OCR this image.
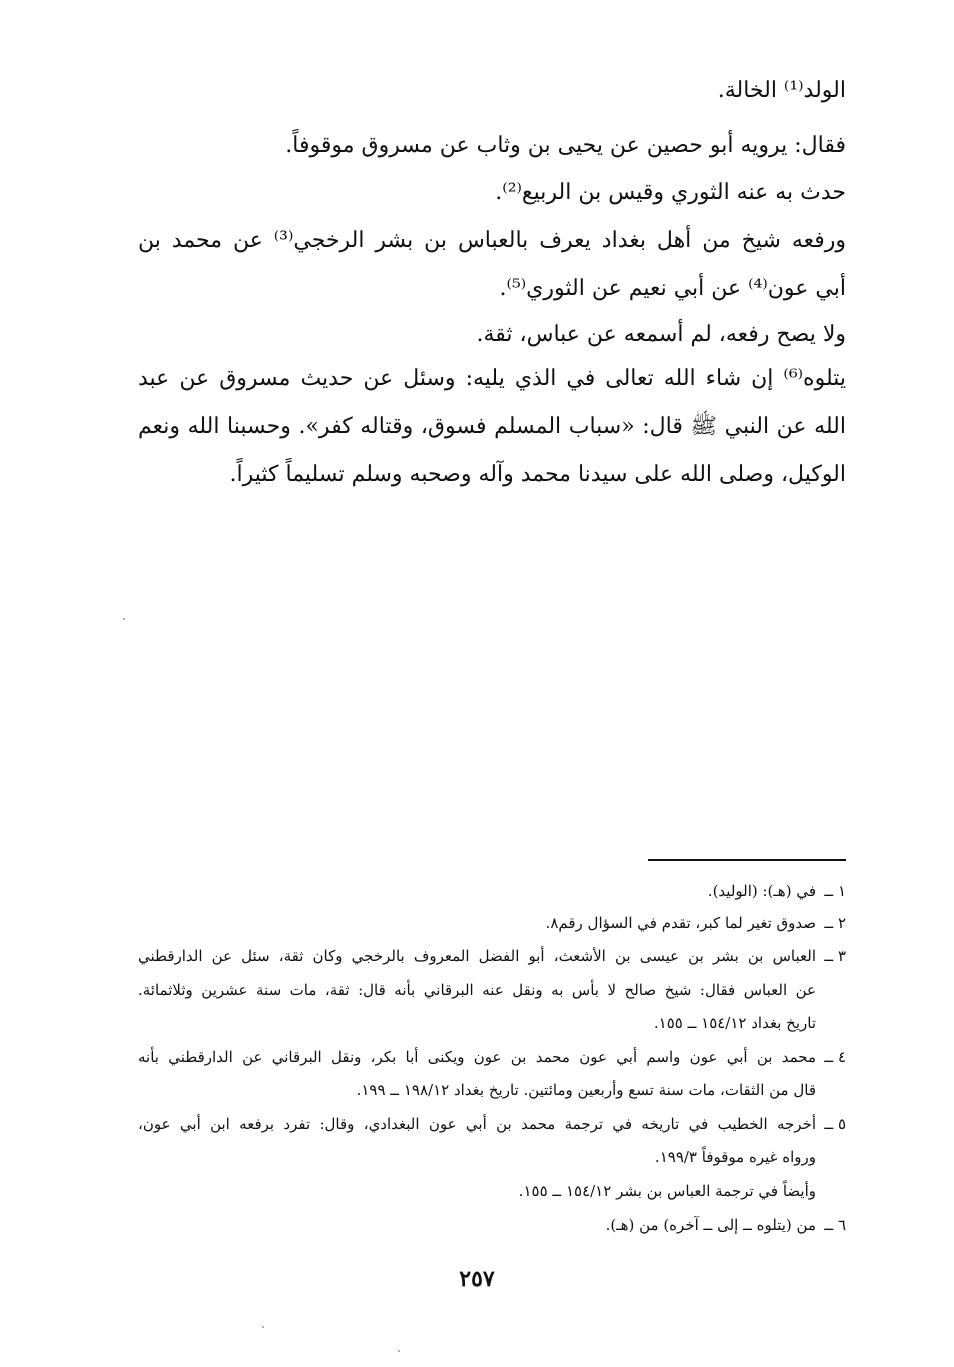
الولد⁽¹⁾ الخالة.
فقال: يرويه أبو حصين عن يحيى بن وثاب عن مسروق موقوفاً.
حدث به عنه الثوري وقيس بن الربيع⁽²⁾.
ورفعه شيخ من أهل بغداد يعرف بالعباس بن بشر الرخجي⁽³⁾ عن محمد بن
أبي عون⁽⁴⁾ عن أبي نعيم عن الثوري⁽⁵⁾.
ولا يصح رفعه، لم أسمعه عن عباس، ثقة.
يتلوه⁽⁶⁾ إن شاء الله تعالى في الذي يليه: وسئل عن حديث مسروق عن عبد
الله عن النبي ﷺ قال: «سباب المسلم فسوق، وقتاله كفر». وحسبنا الله ونعم
الوكيل، وصلى الله على سيدنا محمد وآله وصحبه وسلم تسليماً كثيراً.
١ ــ
في (هـ): (الوليد).
٢ ــ
صدوق تغير لما كبر، تقدم في السؤال رقم٨.
٣ ــ
العباس بن بشر بن عيسى بن الأشعث، أبو الفضل المعروف بالرخجي وكان ثقة، سئل عن الدارقطني
عن العباس فقال: شيخ صالح لا بأس به ونقل عنه البرقاني بأنه قال: ثقة، مات سنة عشرين وثلاثمائة.
تاريخ بغداد ١٥٤/١٢ ــ ١٥٥.
٤ ــ
محمد بن أبي عون واسم أبي عون محمد بن عون ويكنى أبا بكر، ونقل البرقاني عن الدارقطني بأنه
قال من الثقات، مات سنة تسع وأربعين ومائتين. تاريخ بغداد ١٩٨/١٢ ــ ١٩٩.
٥ ــ
أخرجه الخطيب في تاريخه في ترجمة محمد بن أبي عون البغدادي، وقال: تفرد برفعه ابن أبي عون،
ورواه غيره موقوفاً ١٩٩/٣.
وأيضاً في ترجمة العباس بن بشر ١٥٤/١٢ ــ ١٥٥.
٦ ــ
من (يتلوه ــ إلى ــ آخره) من (هـ).
٢٥٧
